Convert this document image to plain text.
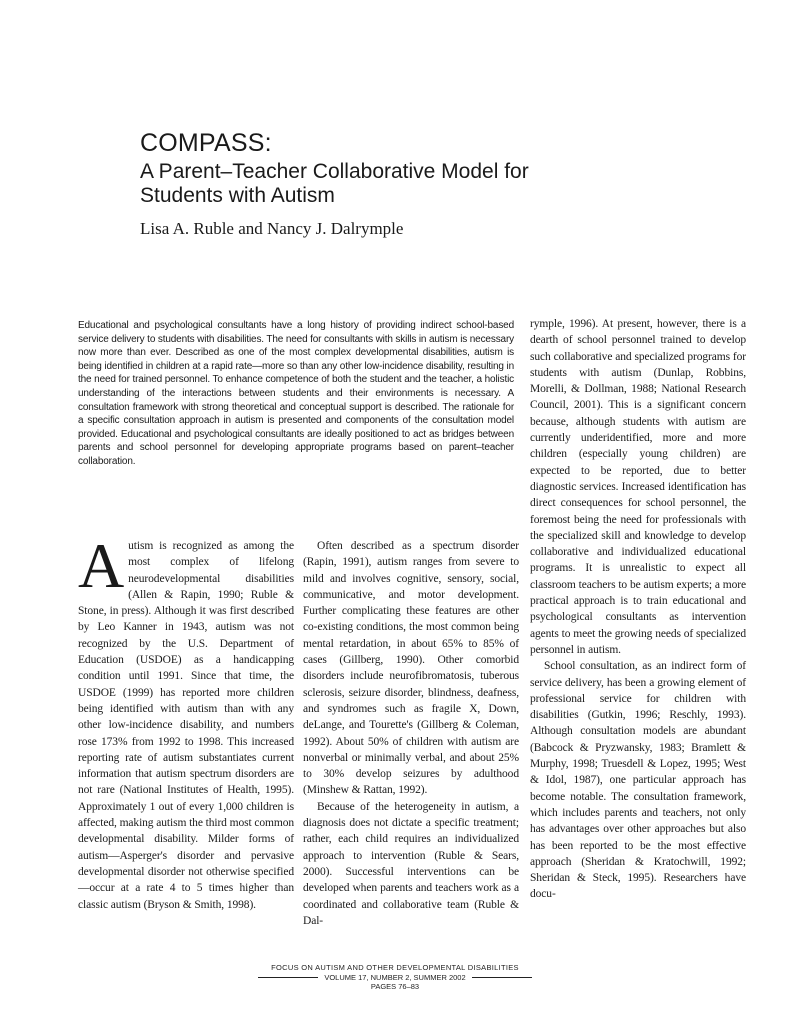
COMPASS:
A Parent–Teacher Collaborative Model for
Students with Autism

Lisa A. Ruble and Nancy J. Dalrymple

Educational and psychological consultants have a long history of providing indirect school-based service delivery to students with disabilities. The need for consultants with skills in autism is necessary now more than ever. Described as one of the most complex developmental disabilities, autism is being identified in children at a rapid rate—more so than any other low-incidence disability, resulting in the need for trained personnel. To enhance competence of both the student and the teacher, a holistic understanding of the interactions between students and their environments is necessary. A consultation framework with strong theoretical and conceptual support is described. The rationale for a specific consultation approach in autism is presented and components of the consultation model provided. Educational and psychological consultants are ideally positioned to act as bridges between parents and school personnel for developing appropriate programs based on parent–teacher collaboration.

Autism is recognized as among the most complex of lifelong neurodevelopmental disabilities (Allen & Rapin, 1990; Ruble & Stone, in press). Although it was first described by Leo Kanner in 1943, autism was not recognized by the U.S. Department of Education (USDOE) as a handicapping condition until 1991. Since that time, the USDOE (1999) has reported more children being identified with autism than with any other low-incidence disability, and numbers rose 173% from 1992 to 1998. This increased reporting rate of autism substantiates current information that autism spectrum disorders are not rare (National Institutes of Health, 1995). Approximately 1 out of every 1,000 children is affected, making autism the third most common developmental disability. Milder forms of autism—Asperger's disorder and pervasive developmental disorder not otherwise specified—occur at a rate 4 to 5 times higher than classic autism (Bryson & Smith, 1998).

Often described as a spectrum disorder (Rapin, 1991), autism ranges from severe to mild and involves cognitive, sensory, social, communicative, and motor development. Further complicating these features are other co-existing conditions, the most common being mental retardation, in about 65% to 85% of cases (Gillberg, 1990). Other comorbid disorders include neurofibromatosis, tuberous sclerosis, seizure disorder, blindness, deafness, and syndromes such as fragile X, Down, deLange, and Tourette's (Gillberg & Coleman, 1992). About 50% of children with autism are nonverbal or minimally verbal, and about 25% to 30% develop seizures by adulthood (Minshew & Rattan, 1992).

Because of the heterogeneity in autism, a diagnosis does not dictate a specific treatment; rather, each child requires an individualized approach to intervention (Ruble & Sears, 2000). Successful interventions can be developed when parents and teachers work as a coordinated and collaborative team (Ruble & Dal-

rymple, 1996). At present, however, there is a dearth of school personnel trained to develop such collaborative and specialized programs for students with autism (Dunlap, Robbins, Morelli, & Dollman, 1988; National Research Council, 2001). This is a significant concern because, although students with autism are currently underidentified, more and more children (especially young children) are expected to be reported, due to better diagnostic services. Increased identification has direct consequences for school personnel, the foremost being the need for professionals with the specialized skill and knowledge to develop collaborative and individualized educational programs. It is unrealistic to expect all classroom teachers to be autism experts; a more practical approach is to train educational and psychological consultants as intervention agents to meet the growing needs of specialized personnel in autism.

School consultation, as an indirect form of service delivery, has been a growing element of professional service for children with disabilities (Gutkin, 1996; Reschly, 1993). Although consultation models are abundant (Babcock & Pryzwansky, 1983; Bramlett & Murphy, 1998; Truesdell & Lopez, 1995; West & Idol, 1987), one particular approach has become notable. The consultation framework, which includes parents and teachers, not only has advantages over other approaches but also has been reported to be the most effective approach (Sheridan & Kratochwill, 1992; Sheridan & Steck, 1995). Researchers have docu-

FOCUS ON AUTISM AND OTHER DEVELOPMENTAL DISABILITIES
VOLUME 17, NUMBER 2, SUMMER 2002
PAGES 76–83
